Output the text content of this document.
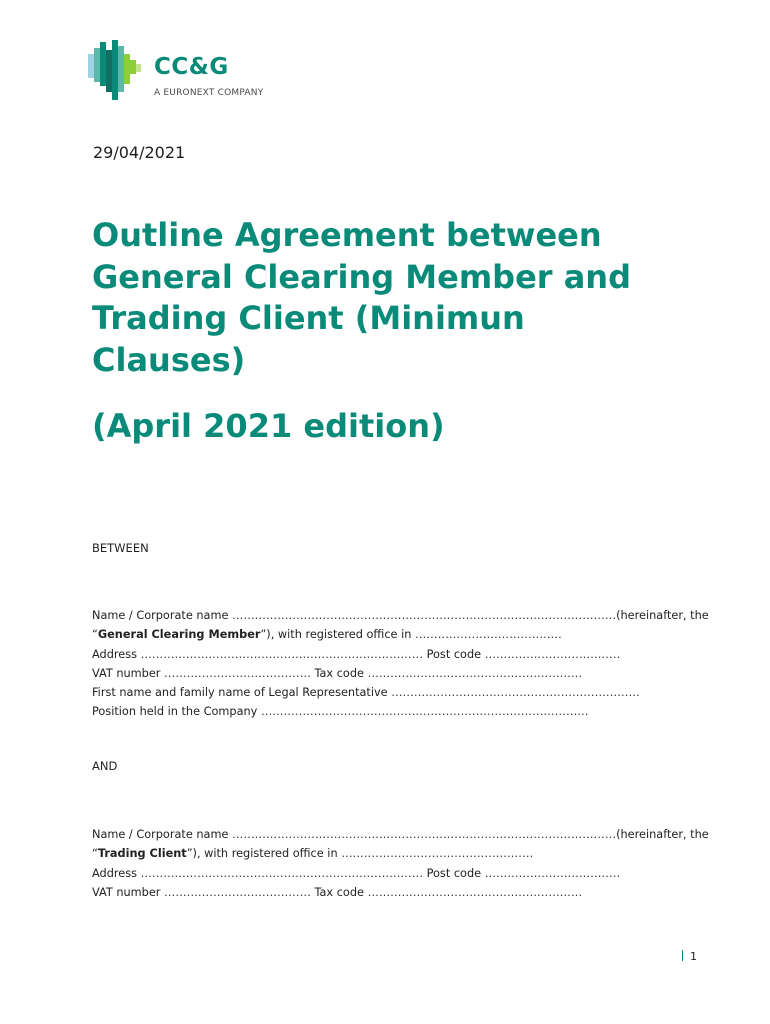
CC&G
A EURONEXT COMPANY
29/04/2021
Outline Agreement between
General Clearing Member and
Trading Client (Minimun
Clauses)
(April 2021 edition)
BETWEEN
Name / Corporate name ………………………………………………………………………………………… (hereinafter, the
“General Clearing Member”), with registered office in …………………………………
Address ………………………………………………………………… Post code ………………………………
VAT number ………………………………… Tax code …………………………………………………
First name and family name of Legal Representative …………………………………………………………
Position held in the Company ……………………………………………………………………………
AND
Name / Corporate name ………………………………………………………………………………………… (hereinafter, the
“Trading Client”), with registered office in ……………………………………………
Address ………………………………………………………………… Post code ………………………………
VAT number ………………………………… Tax code …………………………………………………
1
